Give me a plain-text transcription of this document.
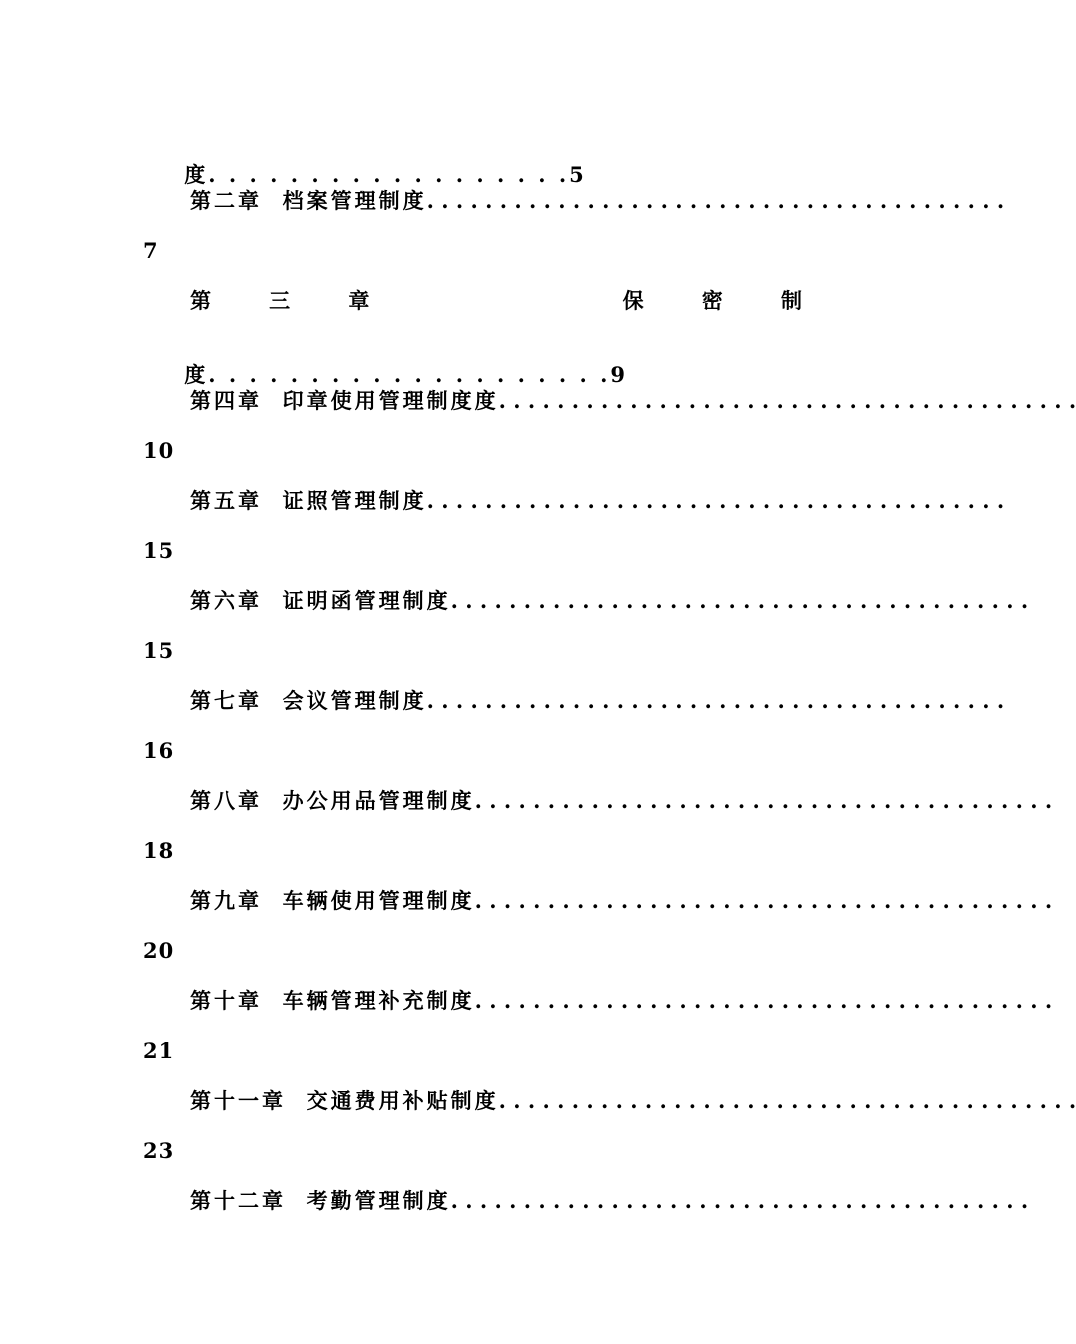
度. . . . . . . . . . . . . . . . . .5

第二章  档案管理制度 . . . . . . . . . . . . . . . . . . . . . . . . . . . . . . . . . . . . . . . .
7
第	三	章	保	密	制

度. . . . . . . . . . . . . . . . . . . .9

第四章  印章使用管理制度度 . . . . . . . . . . . . . . . . . . . . . . . . . . . . . . . . . . . . . . . .
10
第五章  证照管理制度 . . . . . . . . . . . . . . . . . . . . . . . . . . . . . . . . . . . . . . . .
15
第六章  证明函管理制度 . . . . . . . . . . . . . . . . . . . . . . . . . . . . . . . . . . . . . . . .
15
第七章  会议管理制度 . . . . . . . . . . . . . . . . . . . . . . . . . . . . . . . . . . . . . . . .
16
第八章  办公用品管理制度 . . . . . . . . . . . . . . . . . . . . . . . . . . . . . . . . . . . . . . . .
18
第九章  车辆使用管理制度 . . . . . . . . . . . . . . . . . . . . . . . . . . . . . . . . . . . . . . . .
20
第十章  车辆管理补充制度 . . . . . . . . . . . . . . . . . . . . . . . . . . . . . . . . . . . . . . . .
21
第十一章  交通费用补贴制度 . . . . . . . . . . . . . . . . . . . . . . . . . . . . . . . . . . . . . . . .
23
第十二章  考勤管理制度 . . . . . . . . . . . . . . . . . . . . . . . . . . . . . . . . . . . . . . . .
